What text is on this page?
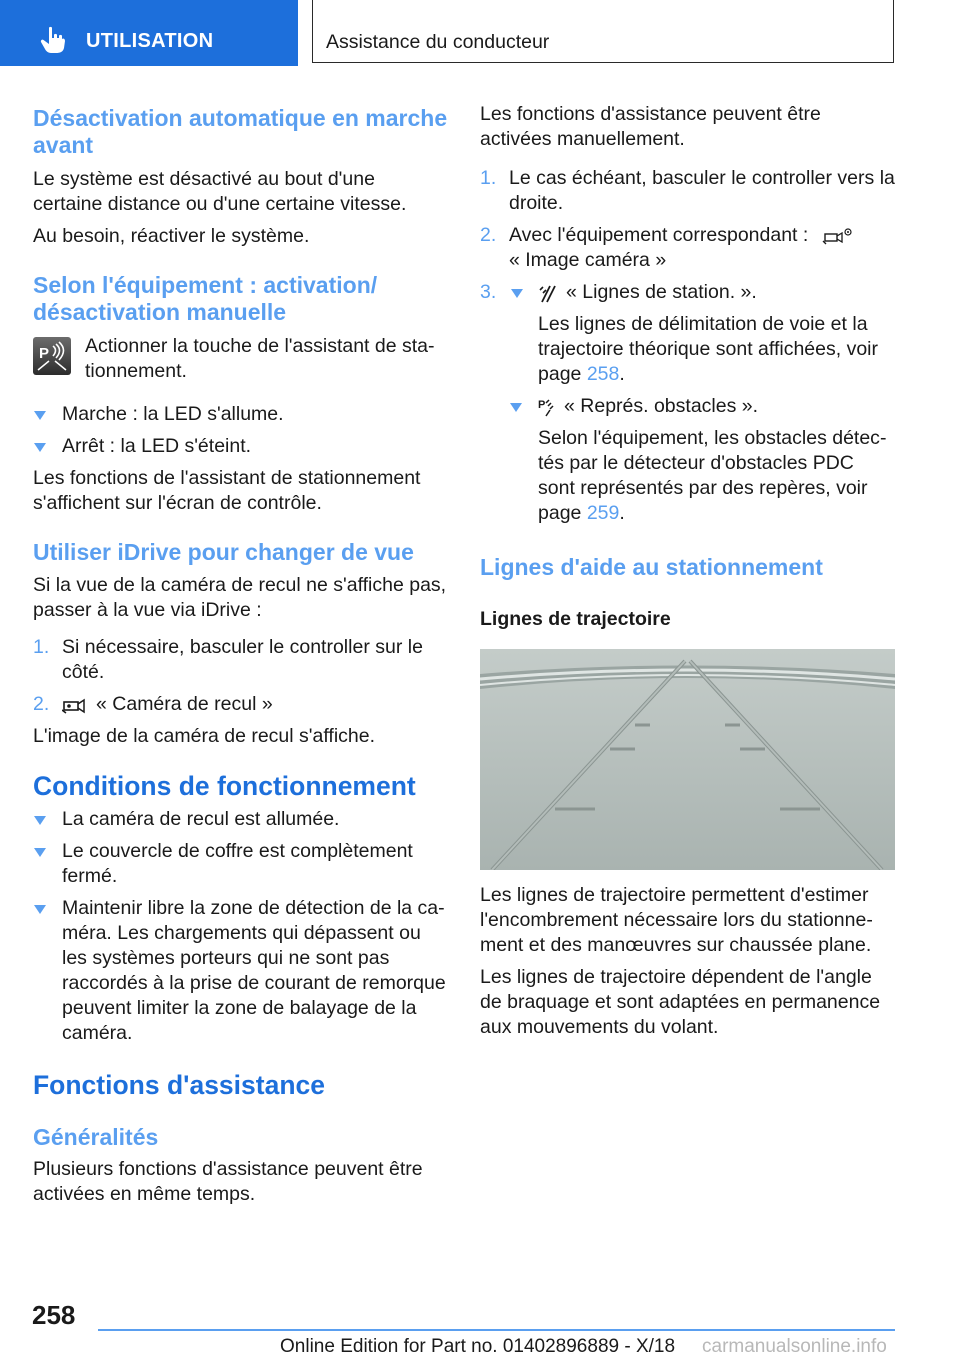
UTILISATION	Assistance du conducteur
Désactivation automatique en marche avant

Le système est désactivé au bout d'une certaine distance ou d'une certaine vitesse.

Au besoin, réactiver le système.

Selon l'équipement : activation/ désactivation manuelle
P Actionner la touche de l'assistant de stationnement.

Marche : la LED s'allume.
Arrêt : la LED s'éteint.

Les fonctions de l'assistant de stationnement s'affichent sur l'écran de contrôle.

Utiliser iDrive pour changer de vue

Si la vue de la caméra de recul ne s'affiche pas, passer à la vue via iDrive :

1. Si nécessaire, basculer le controller sur le côté.
2. « Caméra de recul »

L'image de la caméra de recul s'affiche.

Conditions de fonctionnement
La caméra de recul est allumée.
Le couvercle de coffre est complètement fermé.
Maintenir libre la zone de détection de la caméra. Les chargements qui dépassent ou les systèmes porteurs qui ne sont pas raccordés à la prise de courant de remorque peuvent limiter la zone de balayage de la caméra.
Fonctions d'assistance
Généralités

Plusieurs fonctions d'assistance peuvent être activées en même temps.

Les fonctions d'assistance peuvent être activées manuellement.

1. Le cas échéant, basculer le controller vers la droite.
2. Avec l'équipement correspondant :
« Image caméra »
3.	« Lignes de station. ».

Les lignes de délimitation de voie et la trajectoire théorique sont affichées, voir
page 258.

P « Représ. obstacles ».

Selon l'équipement, les obstacles détectés par le détecteur d'obstacles PDC sont représentés par des repères, voir
page 259.

Lignes d'aide au stationnement
Lignes de trajectoire

Les lignes de trajectoire permettent d'estimer l'encombrement nécessaire lors du stationnement et des manœuvres sur chaussée plane.

Les lignes de trajectoire dépendent de l'angle de braquage et sont adaptées en permanence aux mouvements du volant.

258
Online Edition for Part no. 01402896889 - X/18 carmanualsonline.info
